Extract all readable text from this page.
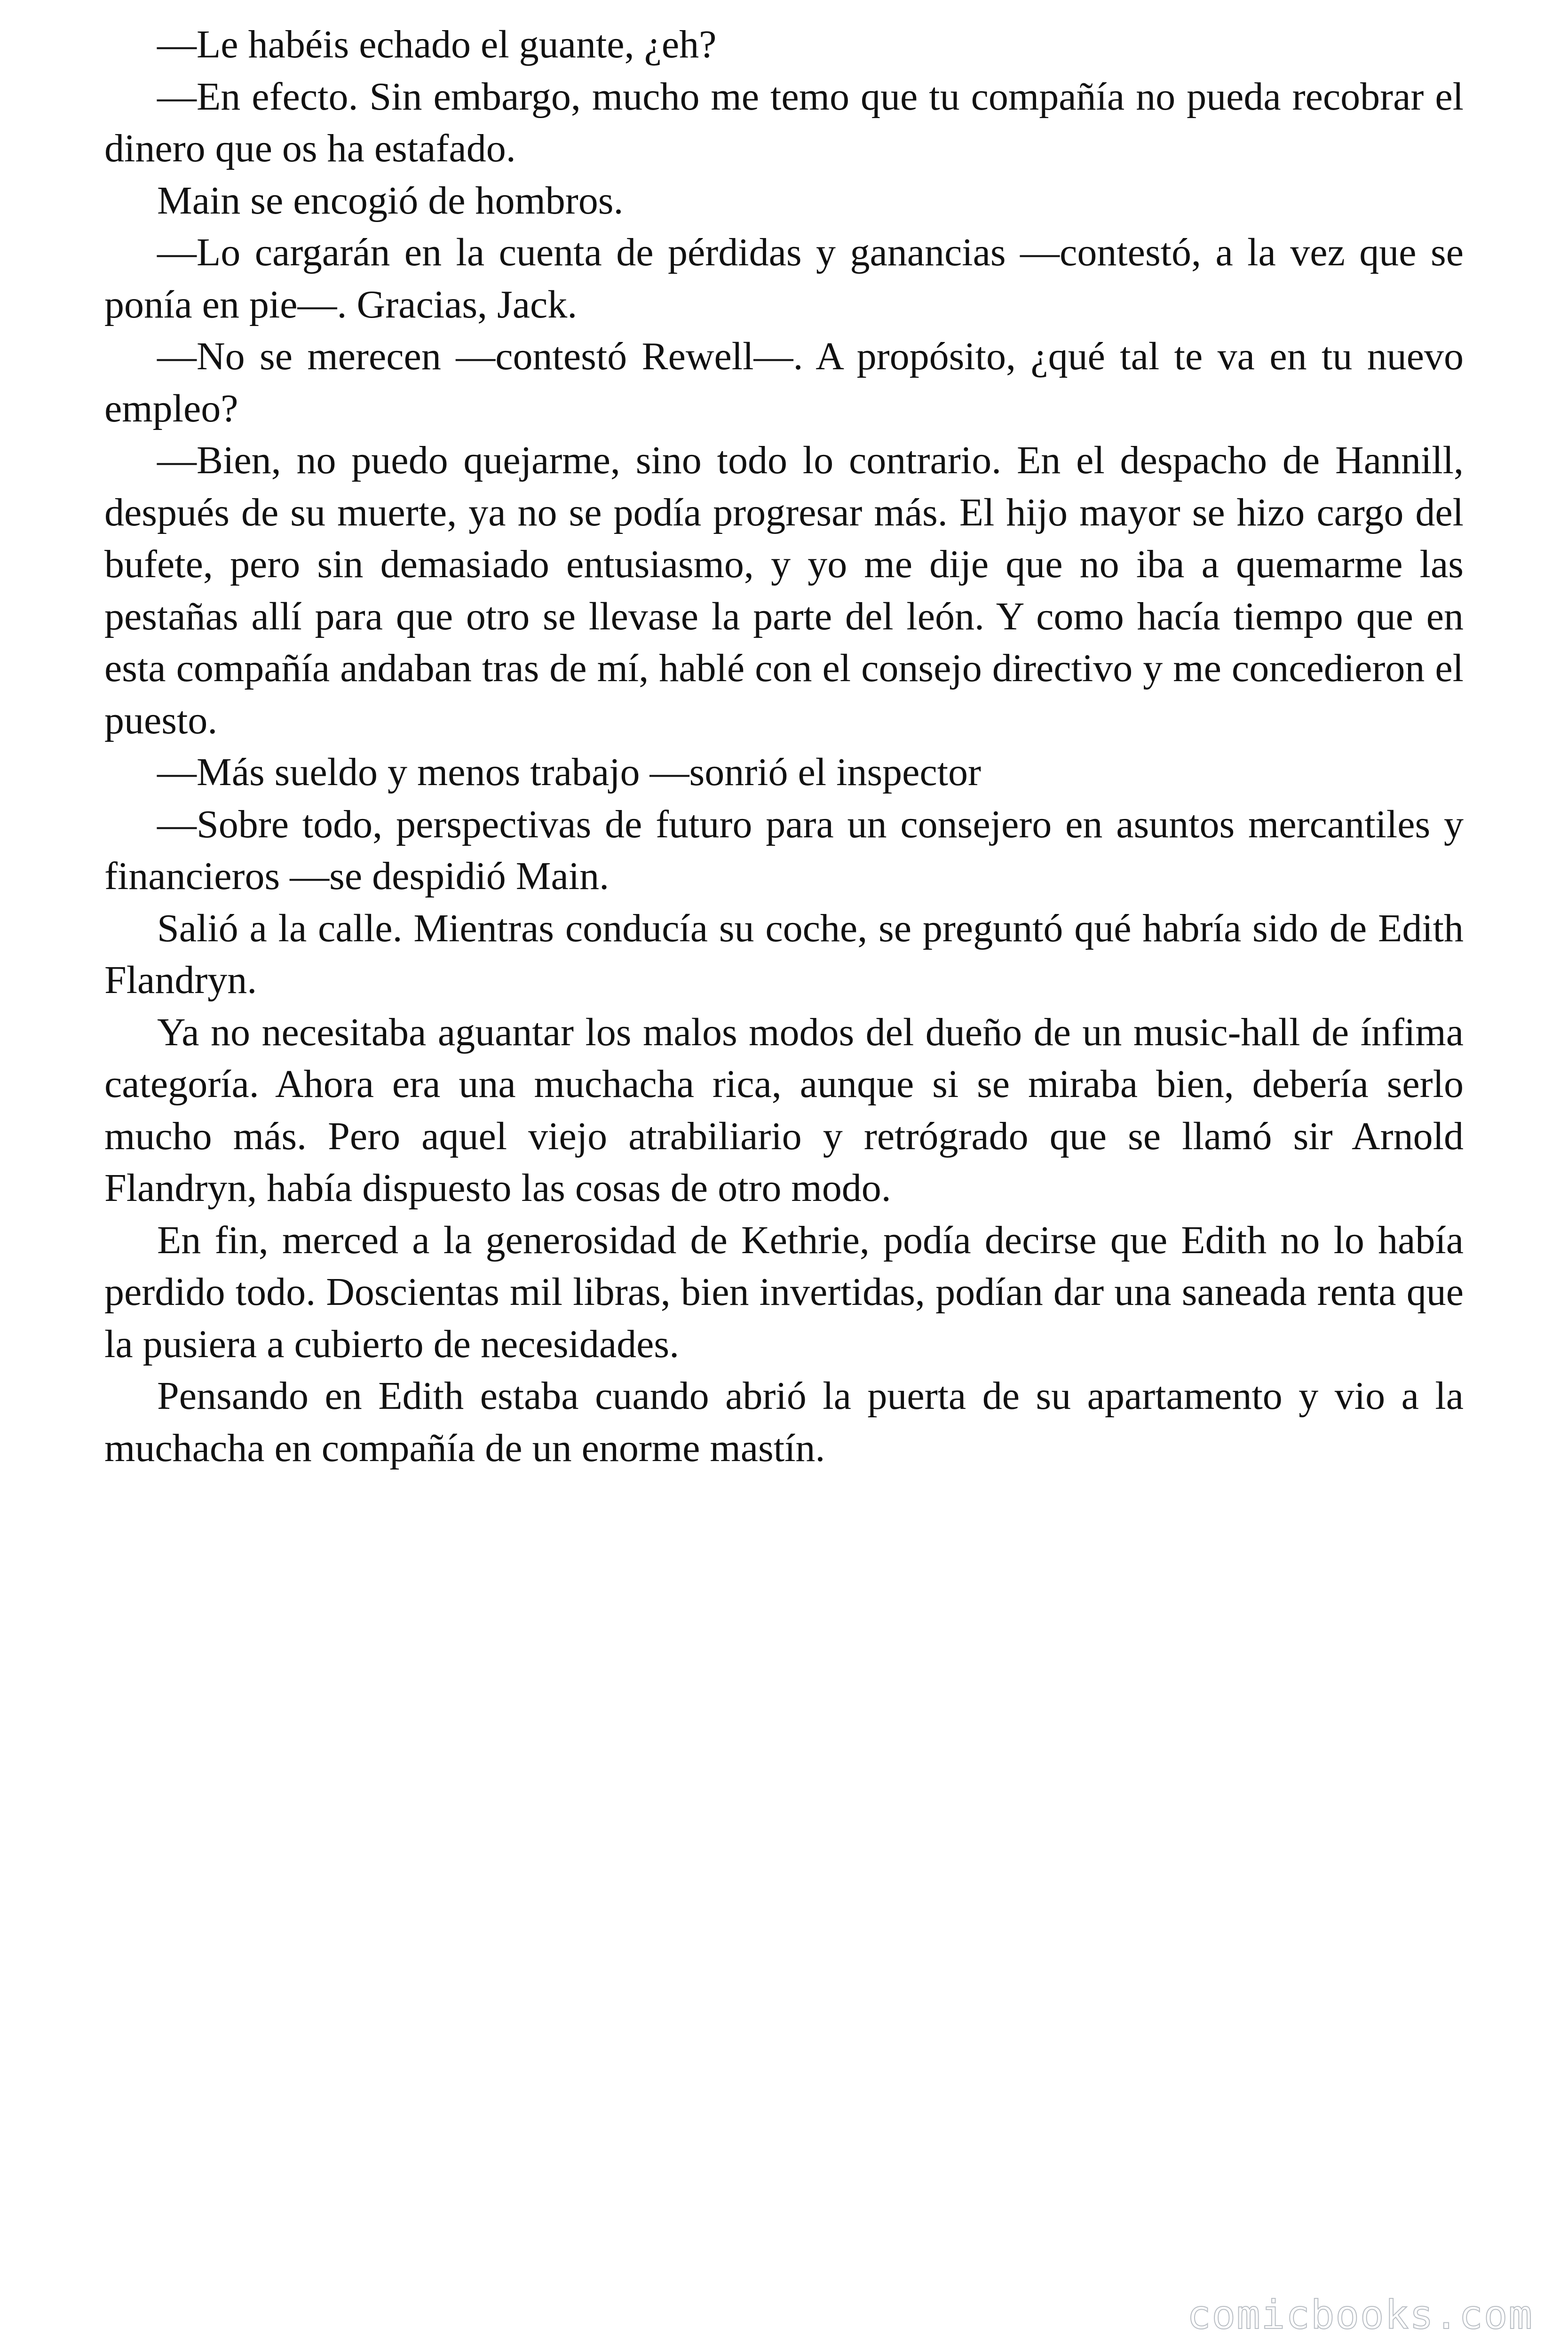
—Le habéis echado el guante, ¿eh?

—En efecto. Sin embargo, mucho me temo que tu compañía no pueda recobrar el dinero que os ha estafado.

Main se encogió de hombros.

—Lo cargarán en la cuenta de pérdidas y ganancias —contestó, a la vez que se ponía en pie—. Gracias, Jack.

—No se merecen —contestó Rewell—. A propósito, ¿qué tal te va en tu nuevo empleo?

—Bien, no puedo quejarme, sino todo lo contrario. En el despacho de Hannill, después de su muerte, ya no se podía progresar más. El hijo mayor se hizo cargo del bufete, pero sin demasiado entusiasmo, y yo me dije que no iba a quemarme las pestañas allí para que otro se llevase la parte del león. Y como hacía tiempo que en esta compañía andaban tras de mí, hablé con el consejo directivo y me concedieron el puesto.

—Más sueldo y menos trabajo —sonrió el inspector

—Sobre todo, perspectivas de futuro para un consejero en asuntos mercantiles y financieros —se despidió Main.

Salió a la calle. Mientras conducía su coche, se preguntó qué habría sido de Edith Flandryn.

Ya no necesitaba aguantar los malos modos del dueño de un music-hall de ínfima categoría. Ahora era una muchacha rica, aunque si se miraba bien, debería serlo mucho más. Pero aquel viejo atrabiliario y retrógrado que se llamó sir Arnold Flandryn, había dispuesto las cosas de otro modo.

En fin, merced a la generosidad de Kethrie, podía decirse que Edith no lo había perdido todo. Doscientas mil libras, bien invertidas, podían dar una saneada renta que la pusiera a cubierto de necesidades.

Pensando en Edith estaba cuando abrió la puerta de su apartamento y vio a la muchacha en compañía de un enorme mastín.

comicbooks.com
